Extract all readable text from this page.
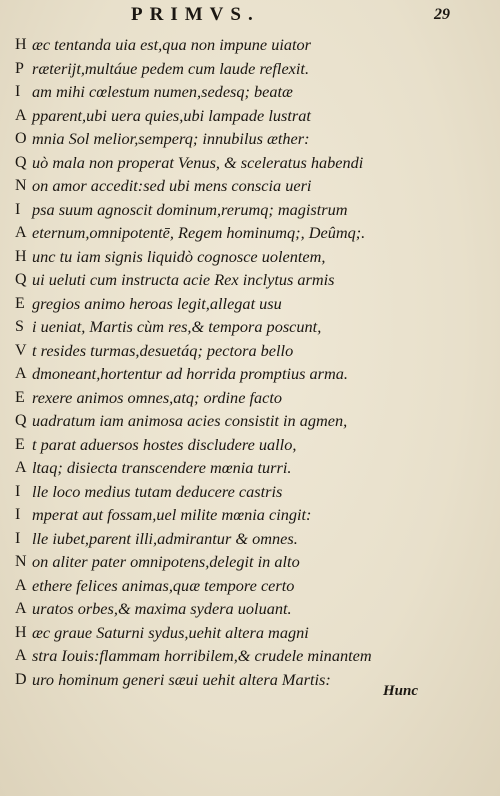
PRIMVS.	29
H æc tentanda uia est,qua non impune uiator
P ræterijt,multáue pedem cum laude reflexit.
I am mihi cœlestum numen,sedesq; beatæ
A pparent,ubi uera quies,ubi lampade lustrat
O mnia Sol melior,semperq; innubilus æther:
Q uò mala non properat Venus, & sceleratus habendi
N on amor accedit:sed ubi mens conscia ueri
I psa suum agnoscit dominum,rerumq; magistrum
A eternum,omnipotentē, Regem hominumq;, Deûmq;.
H unc tu iam signis liquidò cognosce uolentem,
Q ui ueluti cum instructa acie Rex inclytus armis
E gregios animo heroas legit,allegat usu
S i ueniat, Martis cùm res,& tempora poscunt,
V t resides turmas,desuetáq; pectora bello
A dmoneant,hortentur ad horrida promptius arma.
E rexere animos omnes,atq; ordine facto
Q uadratum iam animosa acies consistit in agmen,
E t parat aduersos hostes discludere uallo,
A ltaq; disiecta transcendere mœnia turri.
I lle loco medius tutam deducere castris
I mperat aut fossam,uel milite mœnia cingit:
I lle iubet,parent illi,admirantur & omnes.
N on aliter pater omnipotens,delegit in alto
A ethere felices animas,quæ tempore certo
A uratos orbes,& maxima sydera uoluant.
H æc graue Saturni sydus,uehit altera magni
A stra Iouis:flammam horribilem,& crudele minantem
D uro hominum generi sæui uehit altera Martis:
Hunc
